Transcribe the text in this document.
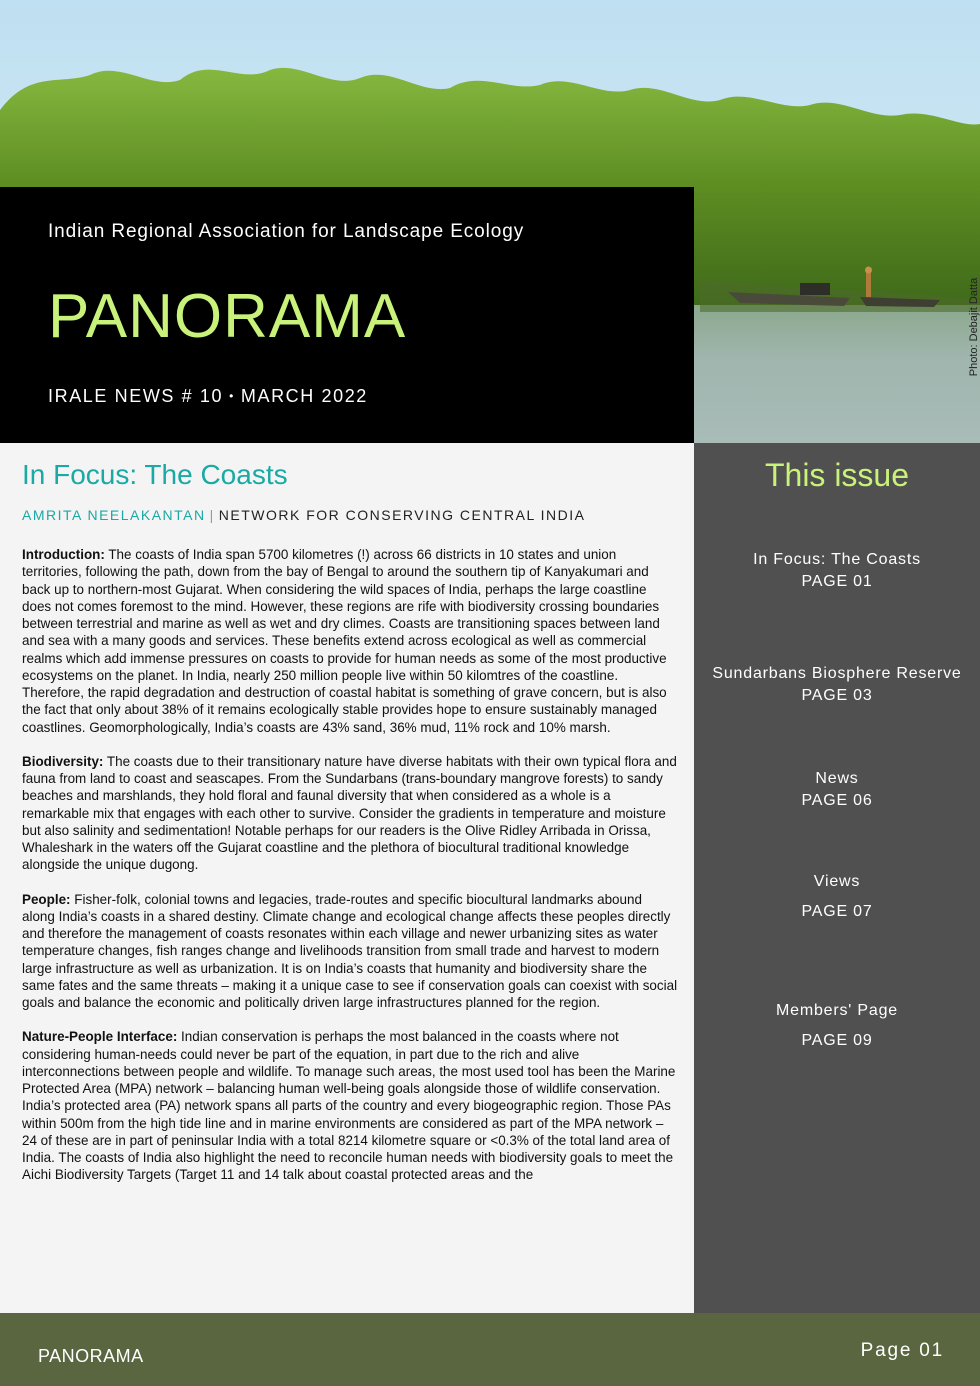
Photo: Debajit Datta
Indian Regional Association for Landscape Ecology
PANORAMA
IRALE NEWS # 10 • MARCH 2022
In Focus: The Coasts
AMRITA NEELAKANTAN | NETWORK FOR CONSERVING CENTRAL INDIA

Introduction: The coasts of India span 5700 kilometres (!) across 66 districts in 10 states and union territories, following the path, down from the bay of Bengal to around the southern tip of Kanyakumari and back up to northern-most Gujarat. When considering the wild spaces of India, perhaps the large coastline does not comes foremost to the mind. However, these regions are rife with biodiversity crossing boundaries between terrestrial and marine as well as wet and dry climes. Coasts are transitioning spaces between land and sea with a many goods and services. These benefits extend across ecological as well as commercial realms which add immense pressures on coasts to provide for human needs as some of the most productive ecosystems on the planet. In India, nearly 250 million people live within 50 kilomtres of the coastline. Therefore, the rapid degradation and destruction of coastal habitat is something of grave concern, but is also the fact that only about 38% of it remains ecologically stable provides hope to ensure sustainably managed coastlines. Geomorphologically, India’s coasts are 43% sand, 36% mud, 11% rock and 10% marsh.

Biodiversity: The coasts due to their transitionary nature have diverse habitats with their own typical flora and fauna from land to coast and seascapes. From the Sundarbans (trans-boundary mangrove forests) to sandy beaches and marshlands, they hold floral and faunal diversity that when considered as a whole is a remarkable mix that engages with each other to survive. Consider the gradients in temperature and moisture but also salinity and sedimentation! Notable perhaps for our readers is the Olive Ridley Arribada in Orissa, Whaleshark in the waters off the Gujarat coastline and the plethora of biocultural traditional knowledge alongside the unique dugong.

People: Fisher-folk, colonial towns and legacies, trade-routes and specific biocultural landmarks abound along India’s coasts in a shared destiny. Climate change and ecological change affects these peoples directly and therefore the management of coasts resonates within each village and newer urbanizing sites as water temperature changes, fish ranges change and livelihoods transition from small trade and harvest to modern large infrastructure as well as urbanization. It is on India’s coasts that humanity and biodiversity share the same fates and the same threats – making it a unique case to see if conservation goals can coexist with social goals and balance the economic and politically driven large infrastructures planned for the region.

Nature-People Interface: Indian conservation is perhaps the most balanced in the coasts where not considering human-needs could never be part of the equation, in part due to the rich and alive interconnections between people and wildlife. To manage such areas, the most used tool has been the Marine Protected Area (MPA) network – balancing human well-being goals alongside those of wildlife conservation. India’s protected area (PA) network spans all parts of the country and every biogeographic region. Those PAs within 500m from the high tide line and in marine environments are considered as part of the MPA network – 24 of these are in part of peninsular India with a total 8214 kilometre square or <0.3% of the total land area of India. The coasts of India also highlight the need to reconcile human needs with biodiversity goals to meet the Aichi Biodiversity Targets (Target 11 and 14 talk about coastal protected areas and the

This issue
In Focus: The Coasts
PAGE 01
Sundarbans Biosphere Reserve
PAGE 03
News
PAGE 06
Views
PAGE 07
Members' Page
PAGE 09
PANORAMA	Page 01
